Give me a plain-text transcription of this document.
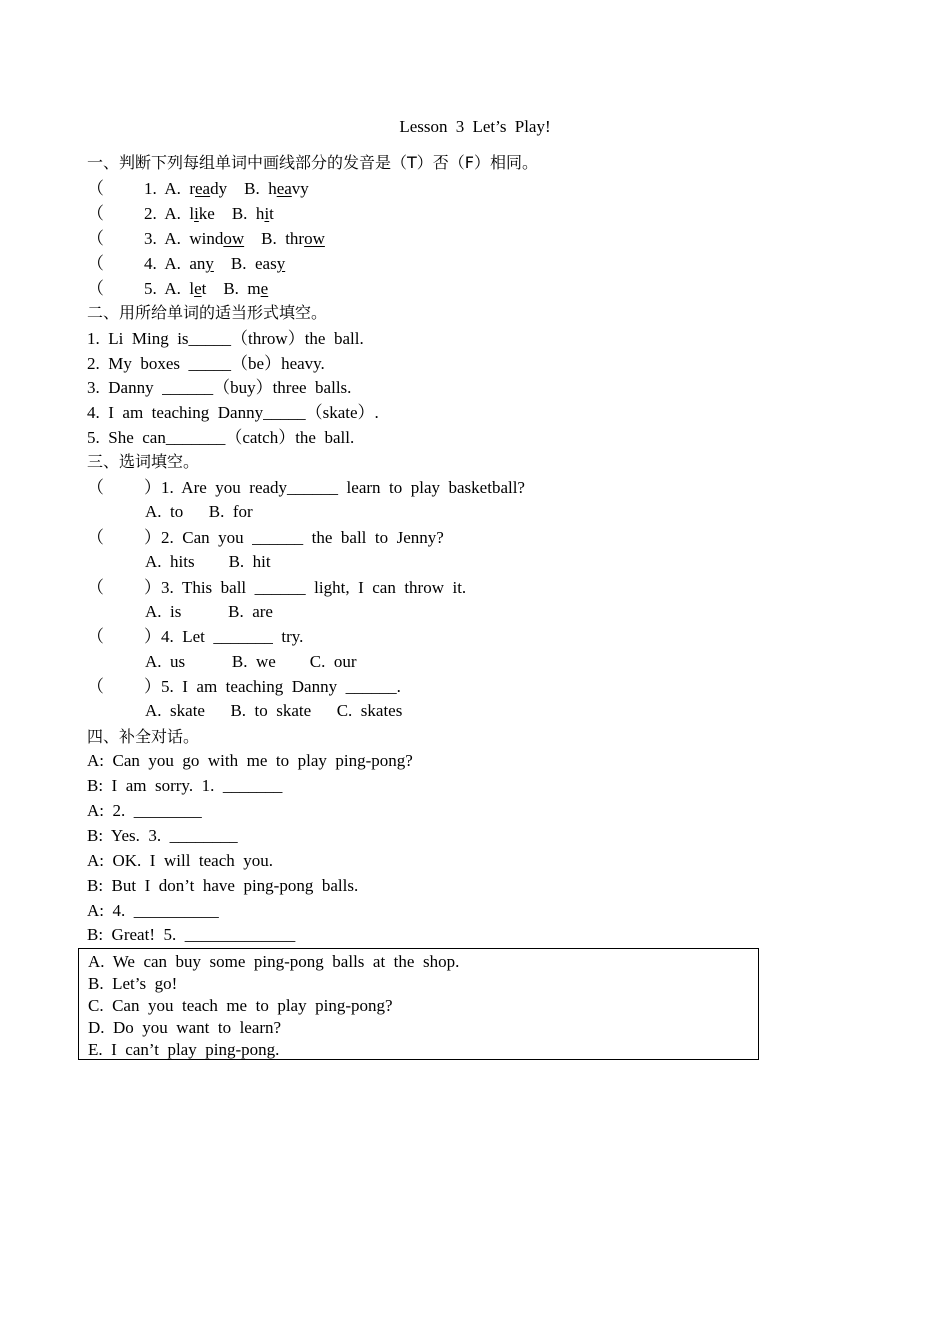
Lesson 3 Let’s Play!
一、判断下列每组单词中画线部分的发音是（T）否（F）相同。
（ 1. A.  ready B.  heavy
（ 2. A.  like B.  hit
（ 3. A.  window B.  throw
（ 4. A.  any B.  easy
（ 5. A.  let B.  me
二、用所给单词的适当形式填空。
1.  Li  Ming  is_____（throw）the  ball.
2.  My  boxes  _____（be）heavy.
3.  Danny  ______（buy）three  balls.
4.  I  am  teaching  Danny_____（skate）.
5.  She  can_______（catch）the  ball.
三、选词填空。
（ ）1.  Are  you  ready______  learn  to  play  basketball?
A.  to      B.  for
（ ）2.  Can  you  ______  the  ball  to  Jenny?
A.  hits        B.  hit
（ ）3.  This  ball  ______  light,  I  can  throw  it.
A.  is           B.  are
（ ）4.  Let  _______  try.
A.  us           B.  we        C.  our
（ ）5.  I  am  teaching  Danny  ______.
A.  skate      B.  to  skate      C.  skates
四、补全对话。
A:  Can  you  go  with  me  to  play  ping-pong?
B:  I  am  sorry.  1.  _______
A:  2.  ________
B:  Yes.  3.  ________
A:  OK.  I  will  teach  you.
B:  But  I  don’t  have  ping-pong  balls.
A:  4.  __________
B:  Great!  5.  _____________
A.  We  can  buy  some  ping-pong  balls  at  the  shop.
B.  Let’s  go!
C.  Can  you  teach  me  to  play  ping-pong?
D.  Do  you  want  to  learn?
E.  I  can’t  play  ping-pong.
